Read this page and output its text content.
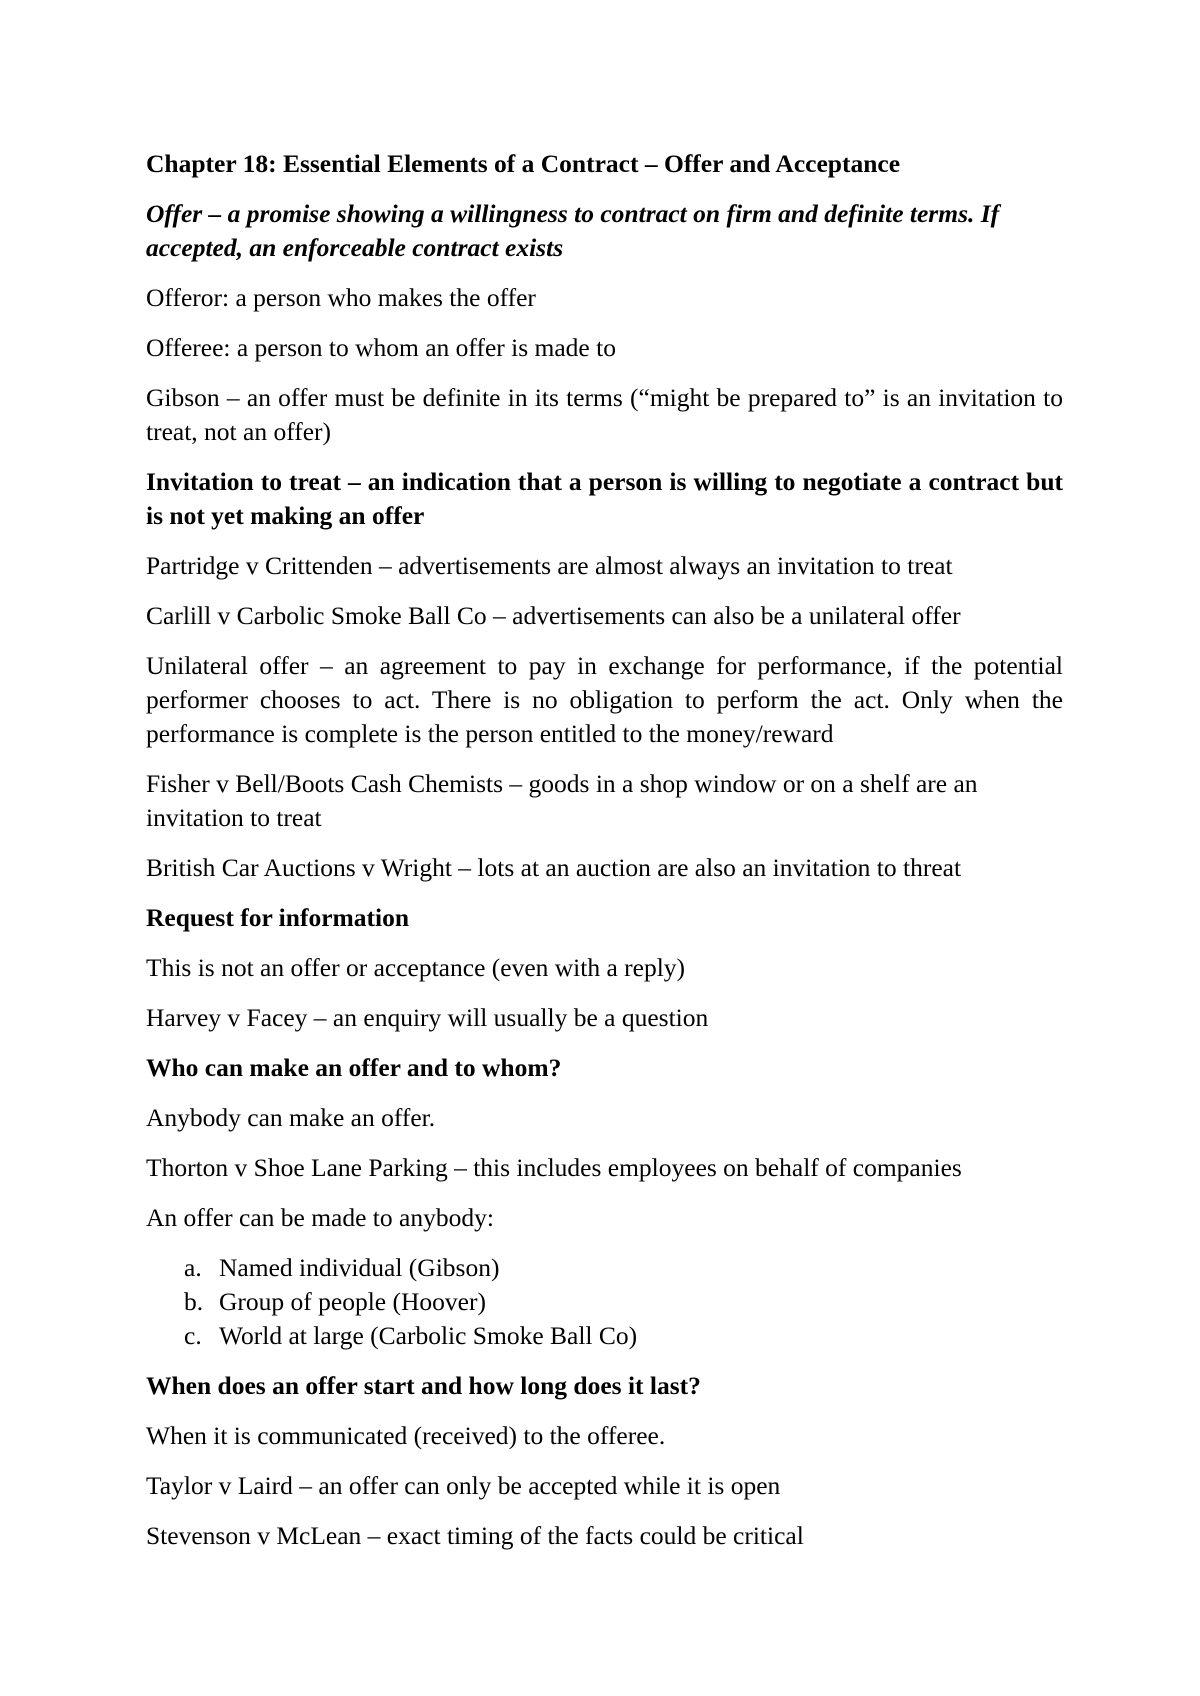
Chapter 18: Essential Elements of a Contract – Offer and Acceptance

Offer – a promise showing a willingness to contract on firm and definite terms. If accepted, an enforceable contract exists

Offeror: a person who makes the offer

Offeree: a person to whom an offer is made to

Gibson – an offer must be definite in its terms (“might be prepared to” is an invitation to treat, not an offer)

Invitation to treat – an indication that a person is willing to negotiate a contract but is not yet making an offer

Partridge v Crittenden – advertisements are almost always an invitation to treat

Carlill v Carbolic Smoke Ball Co – advertisements can also be a unilateral offer

Unilateral offer – an agreement to pay in exchange for performance, if the potential performer chooses to act. There is no obligation to perform the act. Only when the performance is complete is the person entitled to the money/reward

Fisher v Bell/Boots Cash Chemists – goods in a shop window or on a shelf are an invitation to treat

British Car Auctions v Wright – lots at an auction are also an invitation to threat

Request for information

This is not an offer or acceptance (even with a reply)

Harvey v Facey – an enquiry will usually be a question

Who can make an offer and to whom?

Anybody can make an offer.

Thorton v Shoe Lane Parking – this includes employees on behalf of companies

An offer can be made to anybody:

a. Named individual (Gibson)
b. Group of people (Hoover)
c. World at large (Carbolic Smoke Ball Co)

When does an offer start and how long does it last?

When it is communicated (received) to the offeree.

Taylor v Laird – an offer can only be accepted while it is open

Stevenson v McLean – exact timing of the facts could be critical
